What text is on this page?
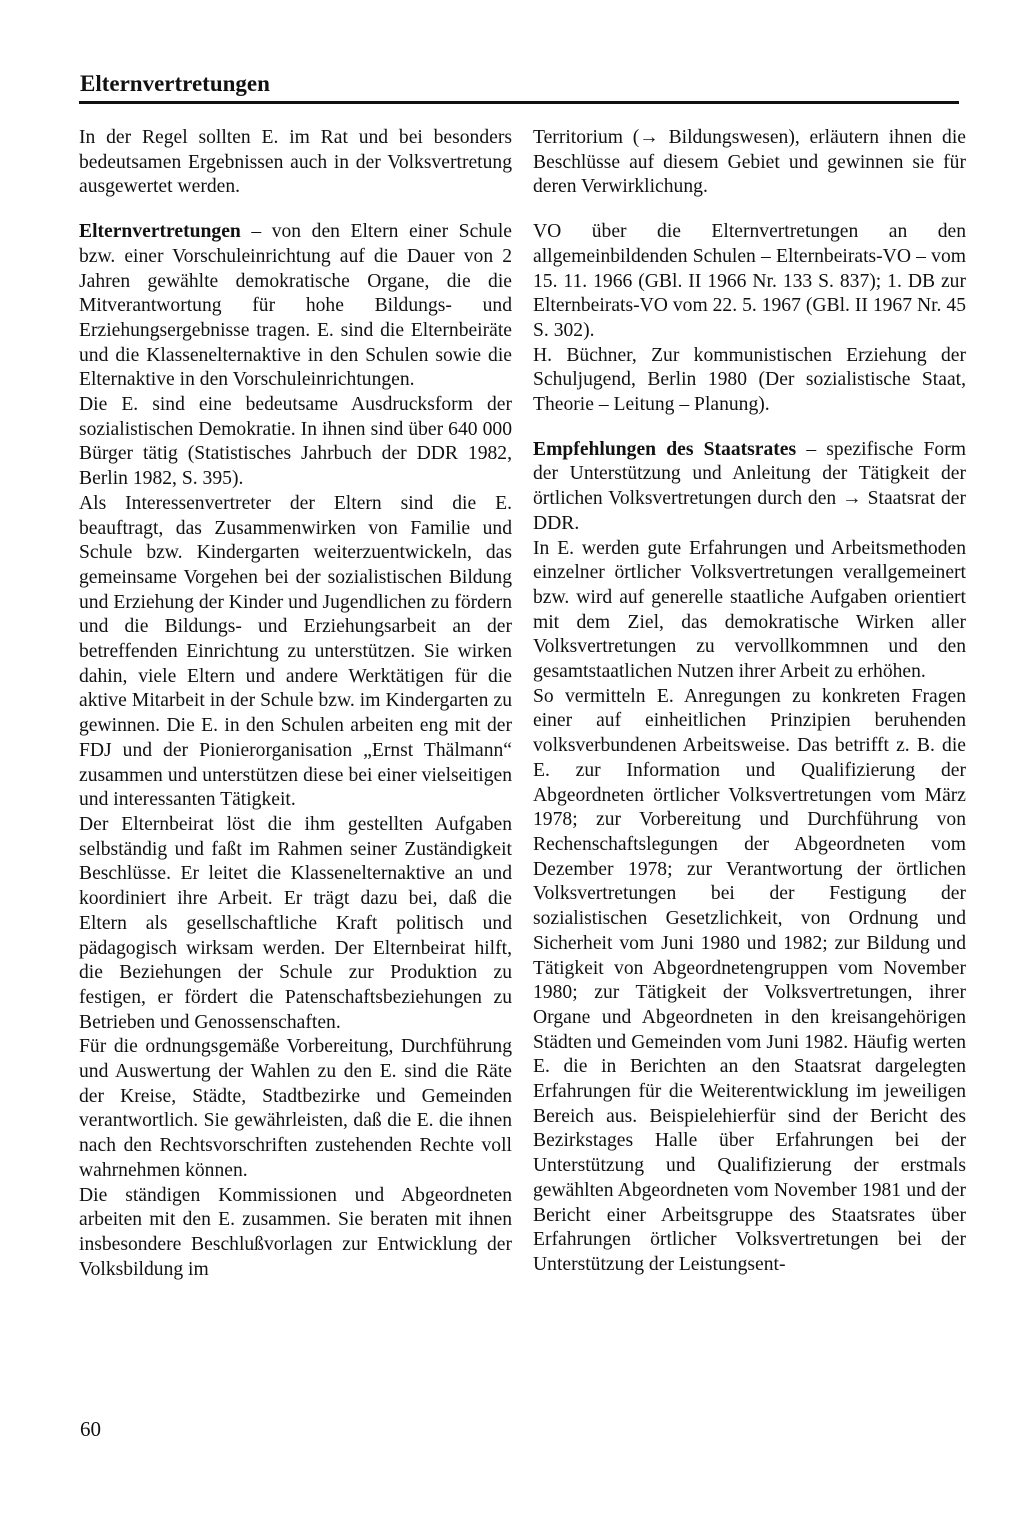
Elternvertretungen

In der Regel sollten E. im Rat und bei besonders bedeutsamen Ergebnissen auch in der Volksvertretung ausgewertet werden.

Elternvertretungen – von den Eltern einer Schule bzw. einer Vorschuleinrichtung auf die Dauer von 2 Jahren gewählte demokratische Organe, die die Mitverantwortung für hohe Bildungs- und Erziehungsergebnisse tragen. E. sind die Elternbeiräte und die Klassenelternaktive in den Schulen sowie die Elternaktive in den Vorschuleinrichtungen.

Die E. sind eine bedeutsame Ausdrucksform der sozialistischen Demokratie. In ihnen sind über 640 000 Bürger tätig (Statistisches Jahrbuch der DDR 1982, Berlin 1982, S. 395).

Als Interessenvertreter der Eltern sind die E. beauftragt, das Zusammenwirken von Familie und Schule bzw. Kindergarten weiterzuentwickeln, das gemeinsame Vorgehen bei der sozialistischen Bildung und Erziehung der Kinder und Jugendlichen zu fördern und die Bildungs- und Erziehungsarbeit an der betreffenden Einrichtung zu unterstützen. Sie wirken dahin, viele Eltern und andere Werktätigen für die aktive Mitarbeit in der Schule bzw. im Kindergarten zu gewinnen. Die E. in den Schulen arbeiten eng mit der FDJ und der Pionierorganisation „Ernst Thälmann“ zusammen und unterstützen diese bei einer vielseitigen und interessanten Tätigkeit.

Der Elternbeirat löst die ihm gestellten Aufgaben selbständig und faßt im Rahmen seiner Zuständigkeit Beschlüsse. Er leitet die Klassenelternaktive an und koordiniert ihre Arbeit. Er trägt dazu bei, daß die Eltern als gesellschaftliche Kraft politisch und pädagogisch wirksam werden. Der Elternbeirat hilft, die Beziehungen der Schule zur Produktion zu festigen, er fördert die Patenschaftsbeziehungen zu Betrieben und Genossenschaften.

Für die ordnungsgemäße Vorbereitung, Durchführung und Auswertung der Wahlen zu den E. sind die Räte der Kreise, Städte, Stadtbezirke und Gemeinden verantwortlich. Sie gewährleisten, daß die E. die ihnen nach den Rechtsvorschriften zustehenden Rechte voll wahrnehmen können.

Die ständigen Kommissionen und Abgeordneten arbeiten mit den E. zusammen. Sie beraten mit ihnen insbesondere Beschlußvorlagen zur Entwicklung der Volksbildung im

Territorium (→ Bildungswesen), erläutern ihnen die Beschlüsse auf diesem Gebiet und gewinnen sie für deren Verwirklichung.

VO über die Elternvertretungen an den allgemeinbildenden Schulen – Elternbeirats-VO – vom 15. 11. 1966 (GBl. II 1966 Nr. 133 S. 837); 1. DB zur Elternbeirats-VO vom 22. 5. 1967 (GBl. II 1967 Nr. 45 S. 302).

H. Büchner, Zur kommunistischen Erziehung der Schuljugend, Berlin 1980 (Der sozialistische Staat, Theorie – Leitung – Planung).

Empfehlungen des Staatsrates – spezifische Form der Unterstützung und Anleitung der Tätigkeit der örtlichen Volksvertretungen durch den → Staatsrat der DDR.

In E. werden gute Erfahrungen und Arbeitsmethoden einzelner örtlicher Volksvertretungen verallgemeinert bzw. wird auf generelle staatliche Aufgaben orientiert mit dem Ziel, das demokratische Wirken aller Volksvertretungen zu vervollkommnen und den gesamtstaatlichen Nutzen ihrer Arbeit zu erhöhen.

So vermitteln E. Anregungen zu konkreten Fragen einer auf einheitlichen Prinzipien beruhenden volksverbundenen Arbeitsweise. Das betrifft z. B. die E. zur Information und Qualifizierung der Abgeordneten örtlicher Volksvertretungen vom März 1978; zur Vorbereitung und Durchführung von Rechenschaftslegungen der Abgeordneten vom Dezember 1978; zur Verantwortung der örtlichen Volksvertretungen bei der Festigung der sozialistischen Gesetzlichkeit, von Ordnung und Sicherheit vom Juni 1980 und 1982; zur Bildung und Tätigkeit von Abgeordnetengruppen vom November 1980; zur Tätigkeit der Volksvertretungen, ihrer Organe und Abgeordneten in den kreisangehörigen Städten und Gemeinden vom Juni 1982. Häufig werten E. die in Berichten an den Staatsrat dargelegten Erfahrungen für die Weiterentwicklung im jeweiligen Bereich aus. Beispielehierfür sind der Bericht des Bezirkstages Halle über Erfahrungen bei der Unterstützung und Qualifizierung der erstmals gewählten Abgeordneten vom November 1981 und der Bericht einer Arbeitsgruppe des Staatsrates über Erfahrungen örtlicher Volksvertretungen bei der Unterstützung der Leistungsent-

60
